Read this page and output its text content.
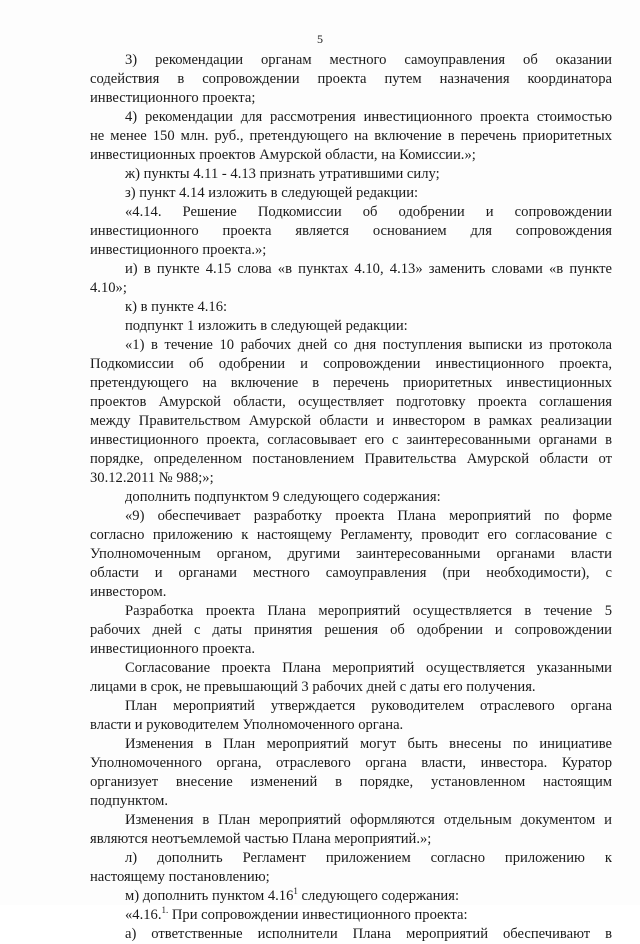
5
3) рекомендации органам местного самоуправления об оказании
содействия в сопровождении проекта путем назначения координатора
инвестиционного проекта;
4) рекомендации для рассмотрения инвестиционного проекта стоимостью
не менее 150 млн. руб., претендующего на включение в перечень приоритетных
инвестиционных проектов Амурской области, на Комиссии.»;
ж) пункты 4.11 - 4.13 признать утратившими силу;
з) пункт 4.14 изложить в следующей редакции:
«4.14. Решение Подкомиссии об одобрении и сопровождении
инвестиционного проекта является основанием для сопровождения
инвестиционного проекта.»;
и) в пункте 4.15 слова «в пунктах 4.10, 4.13» заменить словами «в пункте
4.10»;
к) в пункте 4.16:
подпункт 1 изложить в следующей редакции:
«1) в течение 10 рабочих дней со дня поступления выписки из протокола
Подкомиссии об одобрении и сопровождении инвестиционного проекта,
претендующего на включение в перечень приоритетных инвестиционных
проектов Амурской области, осуществляет подготовку проекта соглашения
между Правительством Амурской области и инвестором в рамках реализации
инвестиционного проекта, согласовывает его с заинтересованными органами в
порядке, определенном постановлением Правительства Амурской области от
30.12.2011 № 988;»;
дополнить подпунктом 9 следующего содержания:
«9) обеспечивает разработку проекта Плана мероприятий по форме
согласно приложению к настоящему Регламенту, проводит его согласование с
Уполномоченным органом, другими заинтересованными органами власти
области и органами местного самоуправления (при необходимости), с
инвестором.
Разработка проекта Плана мероприятий осуществляется в течение 5
рабочих дней с даты принятия решения об одобрении и сопровождении
инвестиционного проекта.
Согласование проекта Плана мероприятий осуществляется указанными
лицами в срок, не превышающий 3 рабочих дней с даты его получения.
План мероприятий утверждается руководителем отраслевого органа
власти и руководителем Уполномоченного органа.
Изменения в План мероприятий могут быть внесены по инициативе
Уполномоченного органа, отраслевого органа власти, инвестора. Куратор
организует внесение изменений в порядке, установленном настоящим
подпунктом.
Изменения в План мероприятий оформляются отдельным документом и
являются неотъемлемой частью Плана мероприятий.»;
л) дополнить Регламент приложением согласно приложению к
настоящему постановлению;
м) дополнить пунктом 4.16$^1$ следующего содержания:
«4.16.$^{1.}$ При сопровождении инвестиционного проекта:
а) ответственные исполнители Плана мероприятий обеспечивают в
